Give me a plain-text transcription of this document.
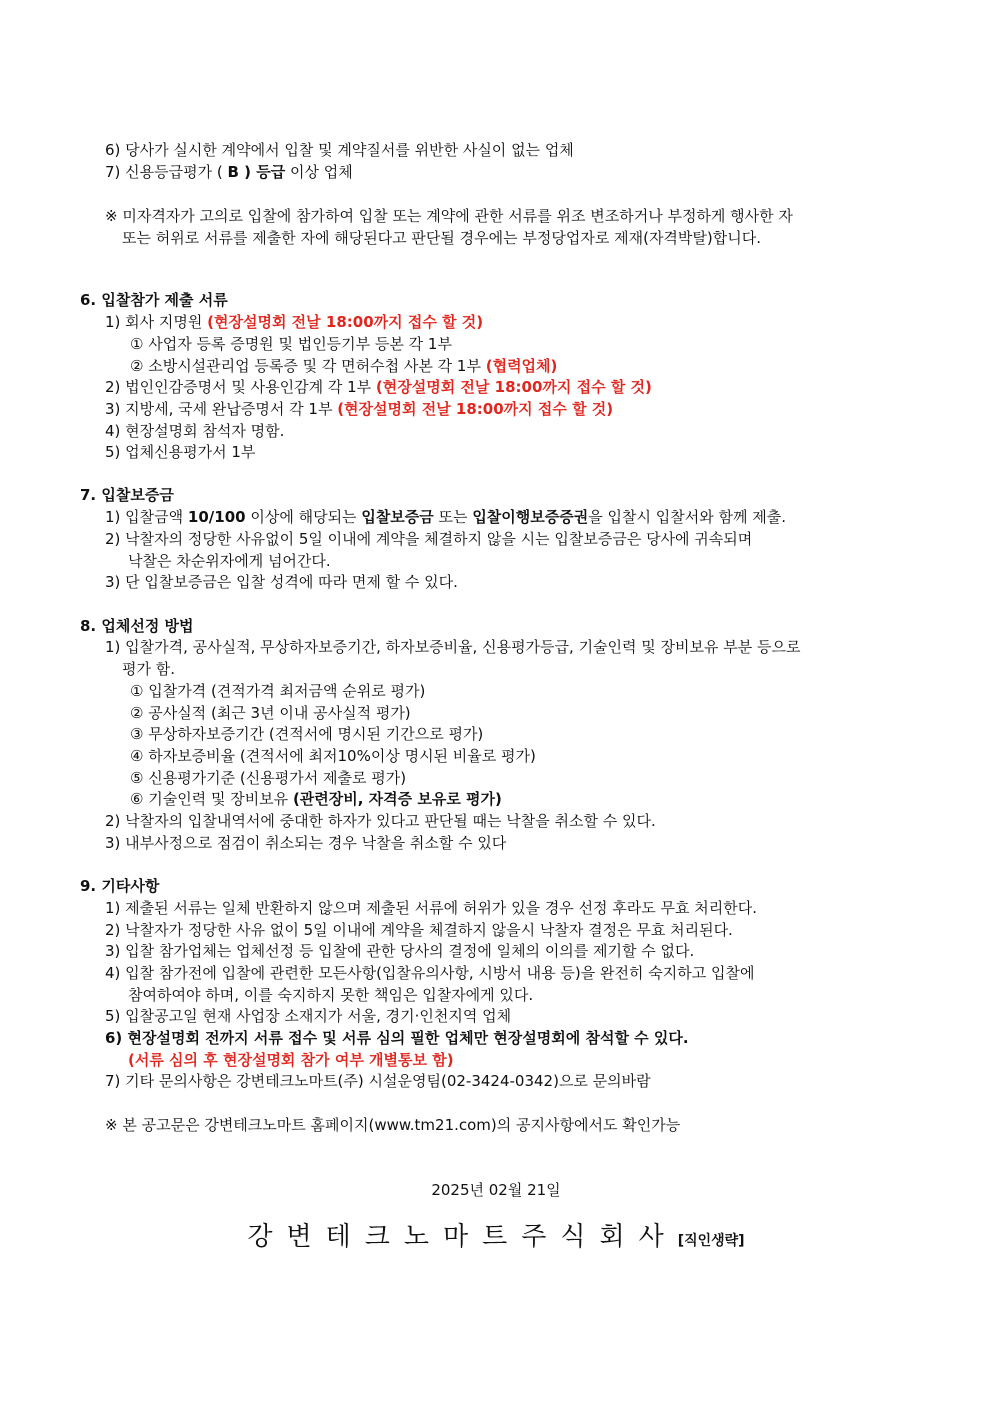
6) 당사가 실시한 계약에서 입찰 및 계약질서를 위반한 사실이 없는 업체
7) 신용등급평가 ( B ) 등급 이상 업체
※ 미자격자가 고의로 입찰에 참가하여 입찰 또는 계약에 관한 서류를 위조 변조하거나 부정하게 행사한 자
또는 허위로 서류를 제출한 자에 해당된다고 판단될 경우에는 부정당업자로 제재(자격박탈)합니다.
6. 입찰참가 제출 서류
1) 회사 지명원 (현장설명회 전날 18:00까지 접수 할 것)
① 사업자 등록 증명원 및 법인등기부 등본 각 1부
② 소방시설관리업 등록증 및 각 면허수첩 사본 각 1부 (협력업체)
2) 법인인감증명서 및 사용인감계 각 1부 (현장설명회 전날 18:00까지 접수 할 것)
3) 지방세, 국세 완납증명서 각 1부 (현장설명회 전날 18:00까지 접수 할 것)
4) 현장설명회 참석자 명함.
5) 업체신용평가서 1부
7. 입찰보증금
1) 입찰금액 10/100 이상에 해당되는 입찰보증금 또는 입찰이행보증증권을 입찰시 입찰서와 함께 제출.
2) 낙찰자의 정당한 사유없이 5일 이내에 계약을 체결하지 않을 시는 입찰보증금은 당사에 귀속되며
낙찰은 차순위자에게 넘어간다.
3) 단 입찰보증금은 입찰 성격에 따라 면제 할 수 있다.
8. 업체선정 방법
1) 입찰가격, 공사실적, 무상하자보증기간, 하자보증비율, 신용평가등급, 기술인력 및 장비보유 부분 등으로
평가 함.
① 입찰가격 (견적가격 최저금액 순위로 평가)
② 공사실적 (최근 3년 이내 공사실적 평가)
③ 무상하자보증기간 (견적서에 명시된 기간으로 평가)
④ 하자보증비율 (견적서에 최저10%이상 명시된 비율로 평가)
⑤ 신용평가기준 (신용평가서 제출로 평가)
⑥ 기술인력 및 장비보유 (관련장비, 자격증 보유로 평가)
2) 낙찰자의 입찰내역서에 중대한 하자가 있다고 판단될 때는 낙찰을 취소할 수 있다.
3) 내부사정으로 점검이 취소되는 경우 낙찰을 취소할 수 있다
9. 기타사항
1) 제출된 서류는 일체 반환하지 않으며 제출된 서류에 허위가 있을 경우 선정 후라도 무효 처리한다.
2) 낙찰자가 정당한 사유 없이 5일 이내에 계약을 체결하지 않을시 낙찰자 결정은 무효 처리된다.
3) 입찰 참가업체는 업체선정 등 입찰에 관한 당사의 결정에 일체의 이의를 제기할 수 없다.
4) 입찰 참가전에 입찰에 관련한 모든사항(입찰유의사항, 시방서 내용 등)을 완전히 숙지하고 입찰에
참여하여야 하며, 이를 숙지하지 못한 책임은 입찰자에게 있다.
5) 입찰공고일 현재 사업장 소재지가 서울, 경기·인천지역 업체
6) 현장설명회 전까지 서류 접수 및 서류 심의 필한 업체만 현장설명회에 참석할 수 있다.
(서류 심의 후 현장설명회 참가 여부 개별통보 함)
7) 기타 문의사항은 강변테크노마트(주) 시설운영팀(02-3424-0342)으로 문의바람
※ 본 공고문은 강변테크노마트 홈페이지(www.tm21.com)의 공지사항에서도 확인가능
2025년 02월 21일
강변테크노마트주식회사[직인생략]
